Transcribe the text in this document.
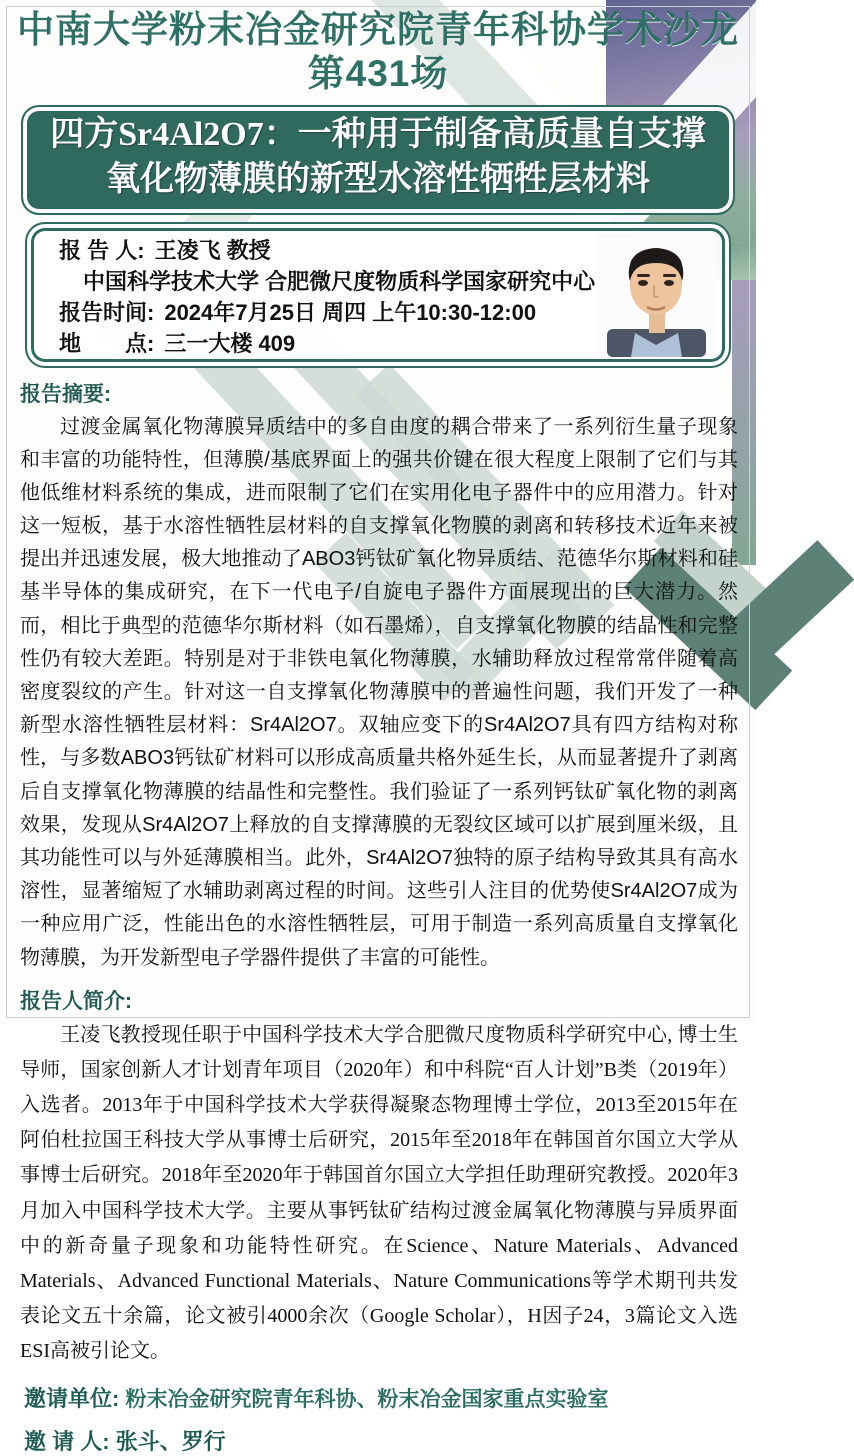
中南大学粉末冶金研究院青年科协学术沙龙
第431场
四方Sr4Al2O7：一种用于制备高质量自支撑
氧化物薄膜的新型水溶性牺牲层材料
报 告 人: 王凌飞 教授
中国科学技术大学 合肥微尺度物质科学国家研究中心
报告时间: 2024年7月25日 周四 上午10:30-12:00
地　　点: 三一大楼 409
报告摘要:
过渡金属氧化物薄膜异质结中的多自由度的耦合带来了一系列衍生量子现象和丰富的功能特性，但薄膜/基底界面上的强共价键在很大程度上限制了它们与其他低维材料系统的集成，进而限制了它们在实用化电子器件中的应用潜力。针对这一短板，基于水溶性牺牲层材料的自支撑氧化物膜的剥离和转移技术近年来被提出并迅速发展，极大地推动了ABO3钙钛矿氧化物异质结、范德华尔斯材料和硅基半导体的集成研究，在下一代电子/自旋电子器件方面展现出的巨大潜力。然而，相比于典型的范德华尔斯材料（如石墨烯），自支撑氧化物膜的结晶性和完整性仍有较大差距。特别是对于非铁电氧化物薄膜，水辅助释放过程常常伴随着高密度裂纹的产生。针对这一自支撑氧化物薄膜中的普遍性问题，我们开发了一种新型水溶性牺牲层材料：Sr4Al2O7。双轴应变下的Sr4Al2O7具有四方结构对称性，与多数ABO3钙钛矿材料可以形成高质量共格外延生长，从而显著提升了剥离后自支撑氧化物薄膜的结晶性和完整性。我们验证了一系列钙钛矿氧化物的剥离效果，发现从Sr4Al2O7上释放的自支撑薄膜的无裂纹区域可以扩展到厘米级，且其功能性可以与外延薄膜相当。此外，Sr4Al2O7独特的原子结构导致其具有高水溶性，显著缩短了水辅助剥离过程的时间。这些引人注目的优势使Sr4Al2O7成为一种应用广泛，性能出色的水溶性牺牲层，可用于制造一系列高质量自支撑氧化物薄膜，为开发新型电子学器件提供了丰富的可能性。
报告人简介:
王凌飞教授现任职于中国科学技术大学合肥微尺度物质科学研究中心, 博士生导师，国家创新人才计划青年项目（2020年）和中科院“百人计划”B类（2019年）入选者。2013年于中国科学技术大学获得凝聚态物理博士学位，2013至2015年在阿伯杜拉国王科技大学从事博士后研究，2015年至2018年在韩国首尔国立大学从事博士后研究。2018年至2020年于韩国首尔国立大学担任助理研究教授。2020年3月加入中国科学技术大学。主要从事钙钛矿结构过渡金属氧化物薄膜与异质界面中的新奇量子现象和功能特性研究。在Science、Nature Materials、Advanced Materials、Advanced Functional Materials、Nature Communications等学术期刊共发表论文五十余篇，论文被引4000余次（Google Scholar），H因子24，3篇论文入选ESI高被引论文。
邀请单位: 粉末冶金研究院青年科协、粉末冶金国家重点实验室
邀 请 人: 张斗、罗行
